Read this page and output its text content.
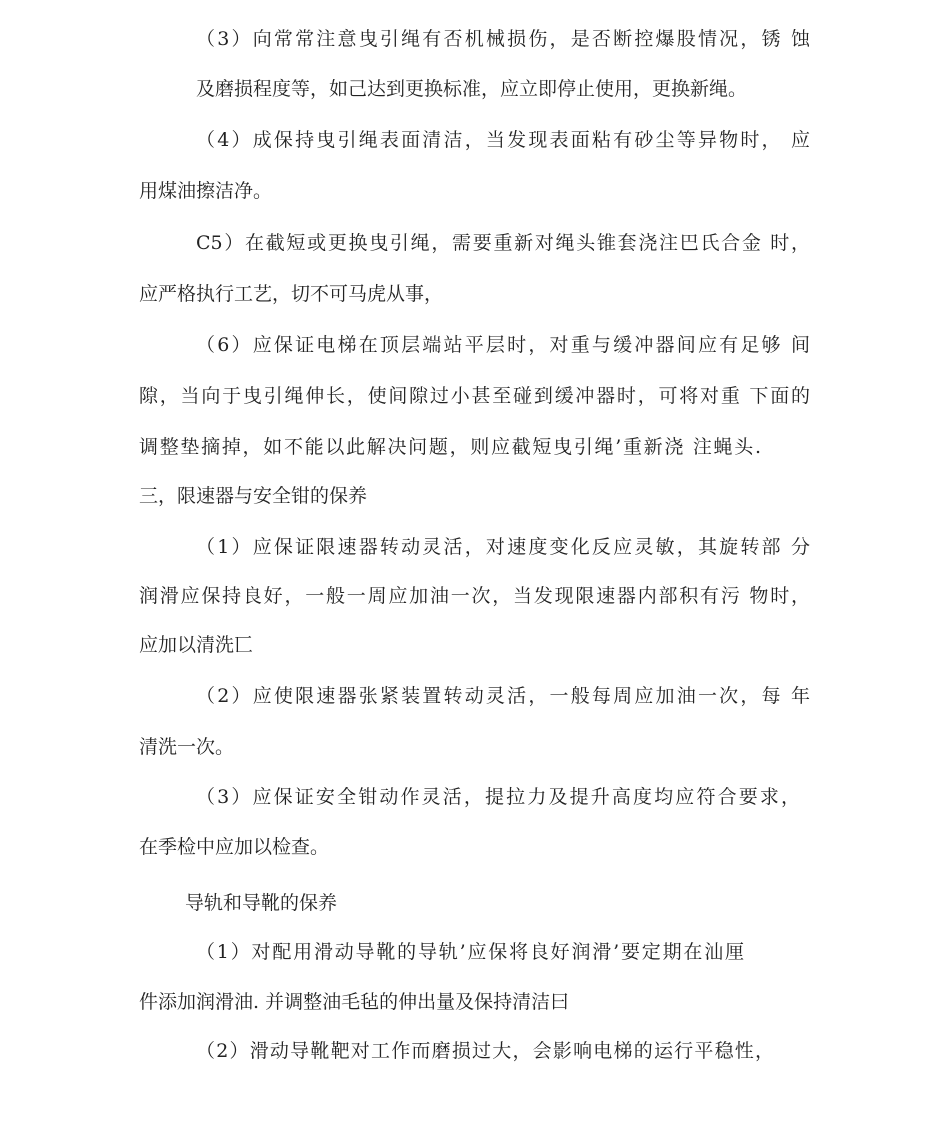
（3）向常常注意曳引绳有否机械损伤，是否断控爆股情况，锈 蚀
及磨损程度等，如己达到更换标准，应立即停止使用，更换新绳。
（4）成保持曳引绳表面清洁，当发现表面粘有砂尘等异物时， 应
用煤油擦洁净。
C5）在截短或更换曳引绳，需要重新对绳头锥套浇注巴氏合金 时，
应严格执行工艺，切不可马虎从事，
（6）应保证电梯在顶层端站平层时，对重与缓冲器间应有足够 间
隙，当向于曳引绳伸长，使间隙过小甚至碰到缓冲器时，可将对重 下面的
调整垫摘掉，如不能以此解决问题，则应截短曳引绳’重新浇 注蝇头.
三，限速器与安全钳的保养
（1）应保证限速器转动灵活，对速度变化反应灵敏，其旋转部 分
润滑应保持良好，一般一周应加油一次，当发现限速器内部积有污 物时，
应加以清洗匸
（2）应使限速器张紧装置转动灵活，一般每周应加油一次，每 年
清洗一次。
（3）应保证安全钳动作灵活，提拉力及提升高度均应符合要求，
在季检中应加以检查。
导轨和导靴的保养
（1）对配用滑动导靴的导轨’应保将良好润滑’要定期在汕厘
件添加润滑油. 并调整油毛毡的伸出量及保持清洁曰
（2）滑动导靴靶对工作而磨损过大，会影响电梯的运行平稳性，
